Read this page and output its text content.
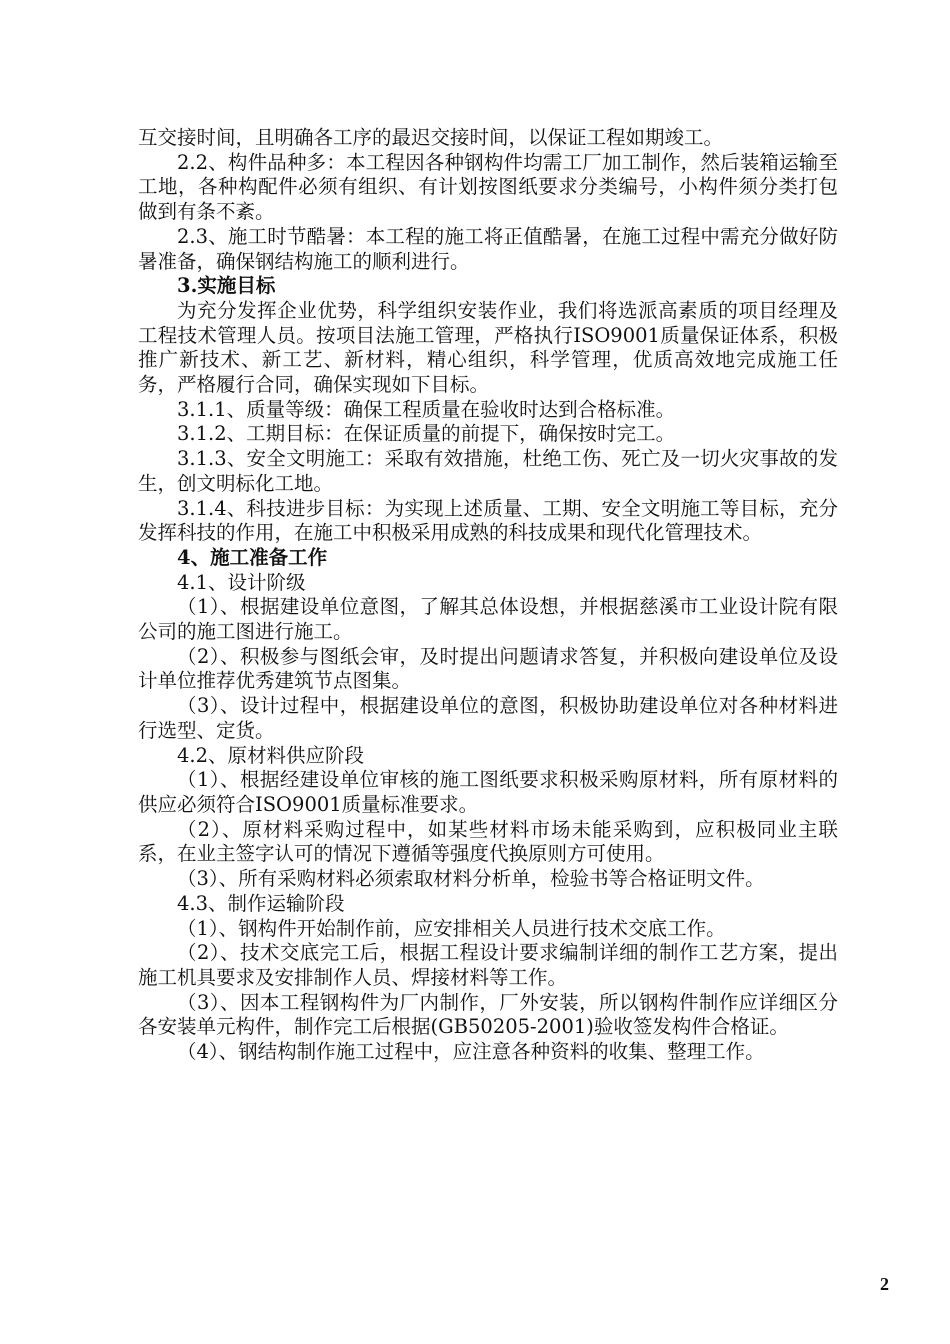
互交接时间，且明确各工序的最迟交接时间，以保证工程如期竣工。

2.2、构件品种多：本工程因各种钢构件均需工厂加工制作，然后装箱运输至工地，各种构配件必须有组织、有计划按图纸要求分类编号，小构件须分类打包做到有条不紊。

2.3、施工时节酷暑：本工程的施工将正值酷暑，在施工过程中需充分做好防暑准备，确保钢结构施工的顺利进行。

3.实施目标

为充分发挥企业优势，科学组织安装作业，我们将选派高素质的项目经理及工程技术管理人员。按项目法施工管理，严格执行ISO9001质量保证体系，积极推广新技术、新工艺、新材料，精心组织，科学管理，优质高效地完成施工任务，严格履行合同，确保实现如下目标。

3.1.1、质量等级：确保工程质量在验收时达到合格标准。

3.1.2、工期目标：在保证质量的前提下，确保按时完工。

3.1.3、安全文明施工：采取有效措施，杜绝工伤、死亡及一切火灾事故的发生，创文明标化工地。

3.1.4、科技进步目标：为实现上述质量、工期、安全文明施工等目标，充分发挥科技的作用，在施工中积极采用成熟的科技成果和现代化管理技术。

4、施工准备工作

4.1、设计阶级

（1）、根据建设单位意图，了解其总体设想，并根据慈溪市工业设计院有限公司的施工图进行施工。

（2）、积极参与图纸会审，及时提出问题请求答复，并积极向建设单位及设计单位推荐优秀建筑节点图集。

（3）、设计过程中，根据建设单位的意图，积极协助建设单位对各种材料进行选型、定货。

4.2、原材料供应阶段

（1）、根据经建设单位审核的施工图纸要求积极采购原材料，所有原材料的供应必须符合ISO9001质量标准要求。

（2）、原材料采购过程中，如某些材料市场未能采购到，应积极同业主联系，在业主签字认可的情况下遵循等强度代换原则方可使用。

（3）、所有采购材料必须索取材料分析单，检验书等合格证明文件。

4.3、制作运输阶段

（1）、钢构件开始制作前，应安排相关人员进行技术交底工作。

（2）、技术交底完工后，根据工程设计要求编制详细的制作工艺方案，提出施工机具要求及安排制作人员、焊接材料等工作。

（3）、因本工程钢构件为厂内制作，厂外安装，所以钢构件制作应详细区分各安装单元构件，制作完工后根据(GB50205-2001)验收签发构件合格证。

（4）、钢结构制作施工过程中，应注意各种资料的收集、整理工作。

2
